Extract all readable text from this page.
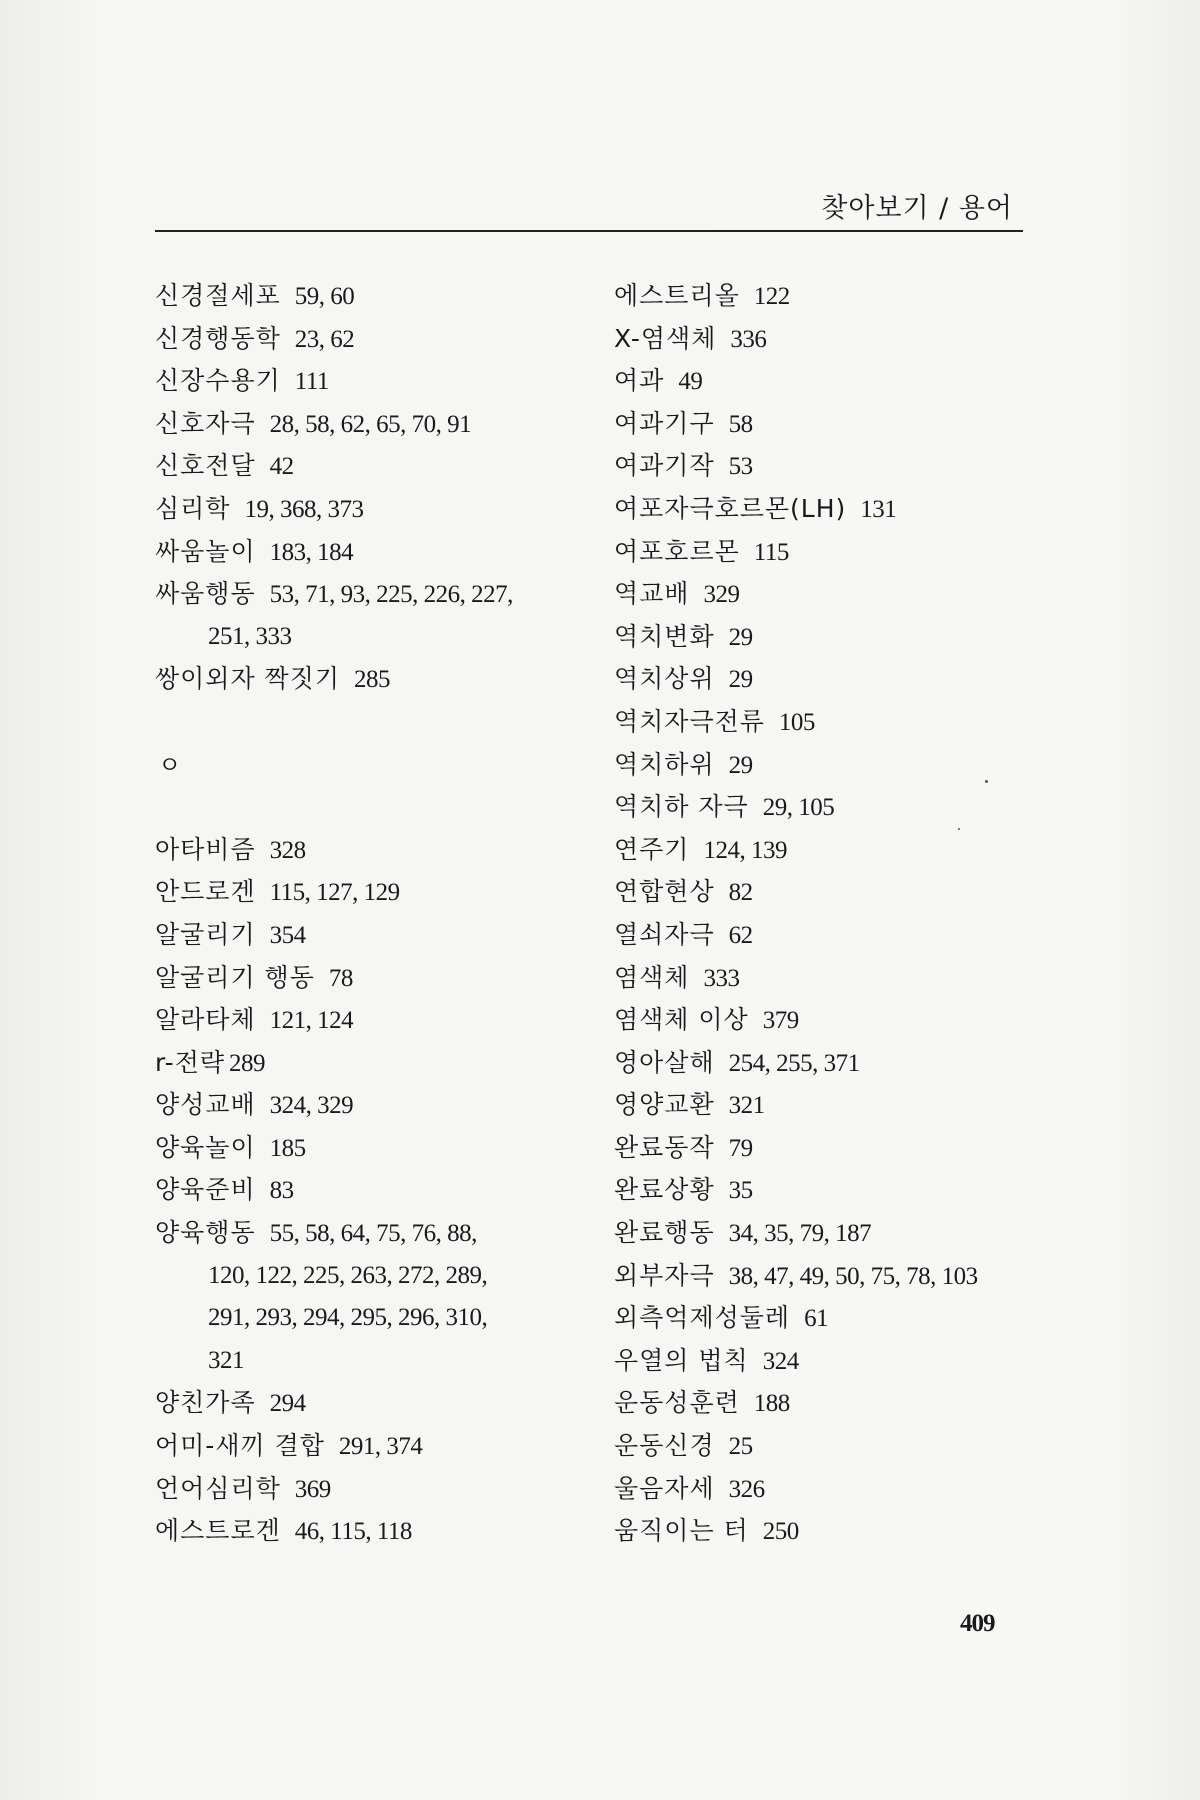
찾아보기 / 용어
신경절세포 59, 60
신경행동학 23, 62
신장수용기 111
신호자극 28, 58, 62, 65, 70, 91
신호전달 42
심리학 19, 368, 373
싸움놀이 183, 184
싸움행동 53, 71, 93, 225, 226, 227,
251, 333
쌍이외자 짝짓기 285
ㅇ
아타비즘 328
안드로겐 115, 127, 129
알굴리기 354
알굴리기 행동 78
알라타체 121, 124
r-전략 289
양성교배 324, 329
양육놀이 185
양육준비 83
양육행동 55, 58, 64, 75, 76, 88,
120, 122, 225, 263, 272, 289,
291, 293, 294, 295, 296, 310,
321
양친가족 294
어미-새끼 결합 291, 374
언어심리학 369
에스트로겐 46, 115, 118
에스트리올 122
X-염색체 336
여과 49
여과기구 58
여과기작 53
여포자극호르몬(LH) 131
여포호르몬 115
역교배 329
역치변화 29
역치상위 29
역치자극전류 105
역치하위 29
역치하 자극 29, 105
연주기 124, 139
연합현상 82
열쇠자극 62
염색체 333
염색체 이상 379
영아살해 254, 255, 371
영양교환 321
완료동작 79
완료상황 35
완료행동 34, 35, 79, 187
외부자극 38, 47, 49, 50, 75, 78, 103
외측억제성둘레 61
우열의 법칙 324
운동성훈련 188
운동신경 25
울음자세 326
움직이는 터 250
409
